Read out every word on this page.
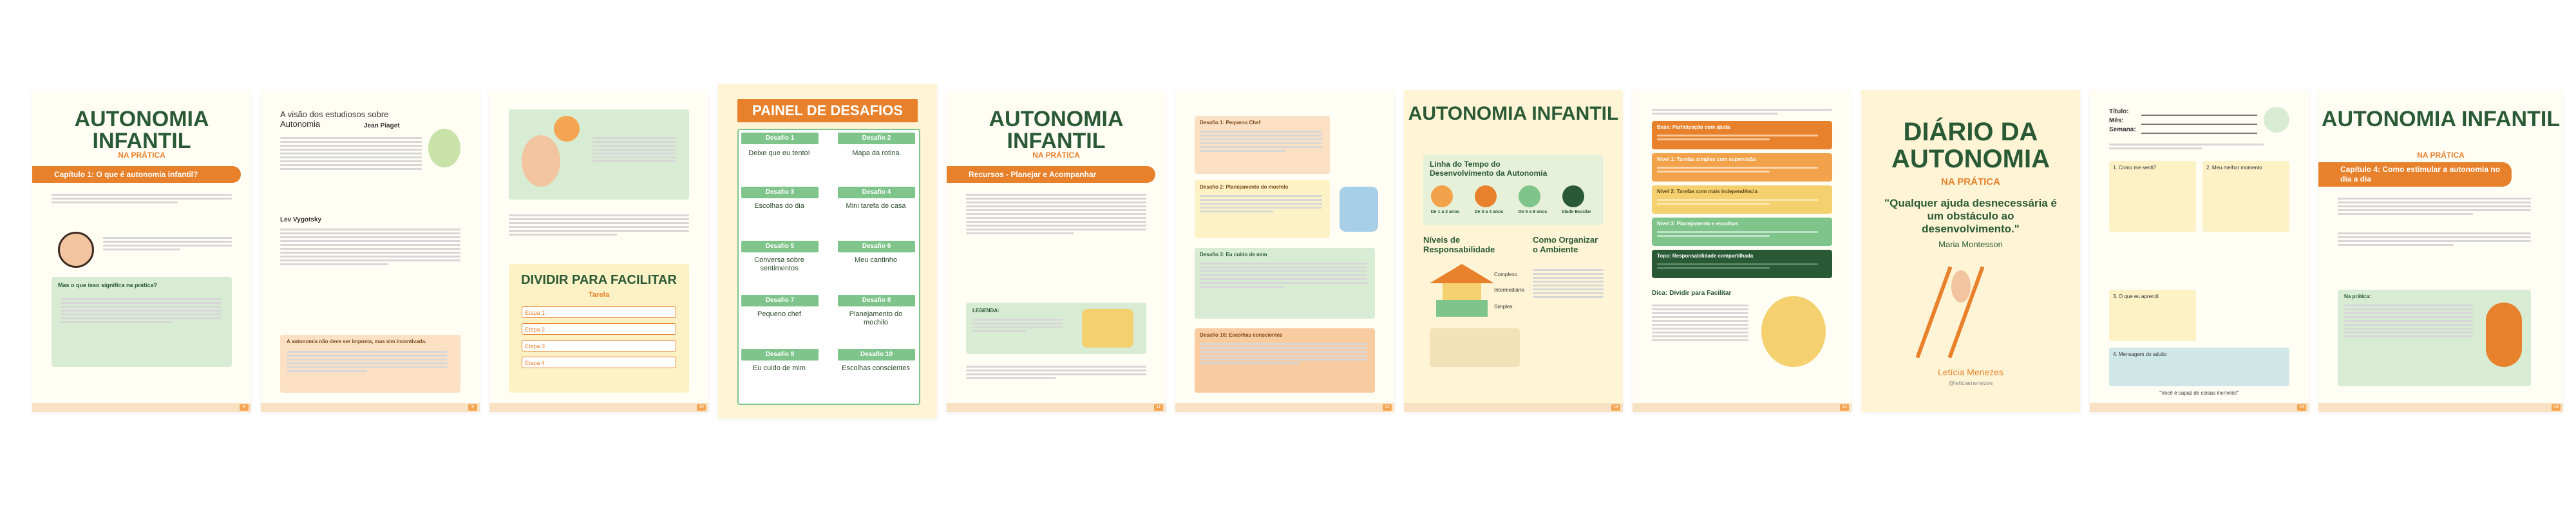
AUTONOMIA INFANTIL
NA PRÁTICA
Capítulo 1: O que é autonomia infantil?
Mas o que isso significa na prática?
8
A visão dos estudiosos sobre Autonomia	Jean Piaget
Lev Vygotsky
A autonomia não deve ser imposta, mas sim incentivada.
9
DIVIDIR PARA FACILITAR
Tarefa
Etapa 1
Etapa 2
Etapa 3
Etapa 4
10
PAINEL DE DESAFIOS
Desafio 1
Deixe que eu tento!
Desafio 2
Mapa da rotina
Desafio 3
Escolhas do dia
Desafio 4
Mini tarefa de casa
Desafio 5
Conversa sobre sentimentos
Desafio 6
Meu cantinho
Desafio 7
Pequeno chef
Desafio 8
Planejamento do mochilo
Desafio 9
Eu cuido de mim
Desafio 10
Escolhas conscientes
AUTONOMIA INFANTIL
NA PRÁTICA
Recursos - Planejar e Acompanhar
LEGENDA:
11
Desafio 1: Pequeno Chef
Desafio 2: Planejamento do mochilo
Desafio 3: Eu cuido de mim
Desafio 10: Escolhas conscientes
12
AUTONOMIA INFANTIL
Linha do Tempo do Desenvolvimento da Autonomia
De 1 a 2 anos	De 3 a 4 anos	De 5 a 6 anos	Idade Escolar
Níveis de Responsabilidade
Complexo
Intermediário
Simples
Como Organizar o Ambiente
13
Base: Participação com ajuda
Nível 1: Tarefas simples com supervisão
Nível 2: Tarefas com mais independência
Nível 3: Planejamento e escolhas
Topo: Responsabilidade compartilhada
Dica: Dividir para Facilitar
14
DIÁRIO DA AUTONOMIA
NA PRÁTICA
"Qualquer ajuda desnecessária é um obstáculo ao desenvolvimento."
Maria Montessori
Letícia Menezes
@leticiamenezes
Título:
Mês:
Semana:
1. Como me senti?	2. Meu melhor momento
3. O que eu aprendi
4. Mensagem do adulto
"Você é capaz de coisas incríveis!"
16
AUTONOMIA INFANTIL
NA PRÁTICA
Capítulo 4: Como estimular a autonomia no dia a dia
Na prática:
18
